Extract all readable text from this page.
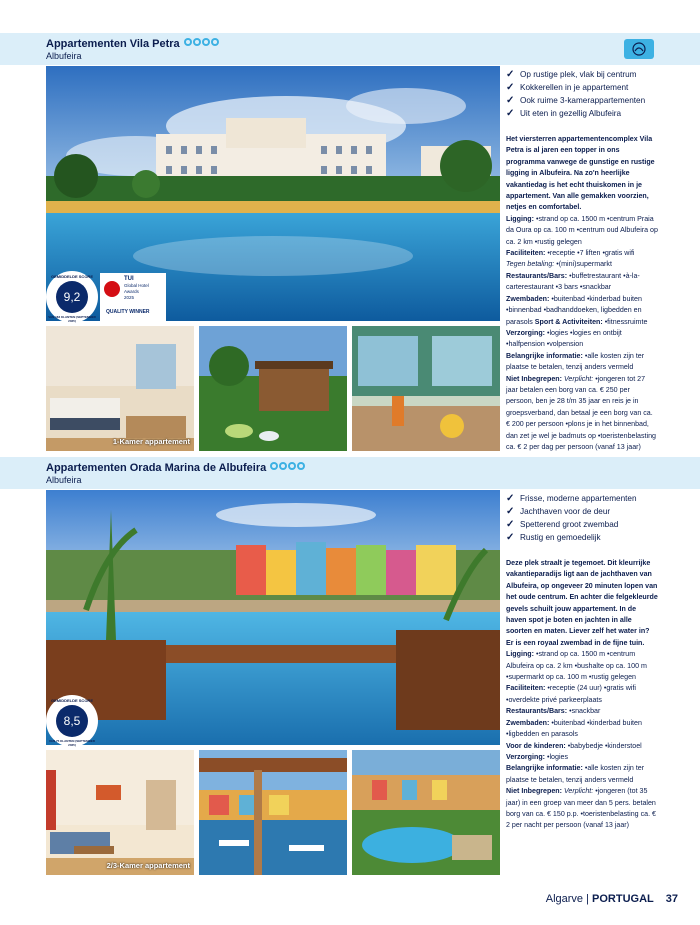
Appartementen Vila Petra
Albufeira
GEMIDDELDE SCORE
9,2
VAN 183 KLANTEN (SEPTEMBER 2025)
TUI
Global Hotel
Awards
2025
QUALITY WINNER
1-Kamer appartement
✓ Op rustige plek, vlak bij centrum
✓ Kokkerellen in je appartement
✓ Ook ruime 3-kamerappartementen
✓ Uit eten in gezellig Albufeira
Het viersterren appartementencomplex Vila Petra is al jaren een topper in ons programma vanwege de gunstige en rustige ligging in Albufeira. Na zo'n heerlijke vakantiedag is het echt thuiskomen in je appartement. Van alle gemakken voorzien, netjes en comfortabel.
Ligging: •strand op ca. 1500 m •centrum Praia da Oura op ca. 100 m •centrum oud Albufeira op ca. 2 km •rustig gelegen
Faciliteiten: •receptie •7 liften •gratis wifi
Tegen betaling: •(mini)supermarkt
Restaurants/Bars: •buffetrestaurant •à-la-carterestaurant •3 bars •snackbar
Zwembaden: •buitenbad •kinderbad buiten •binnenbad •badhanddoeken, ligbedden en parasols Sport & Activiteiten: •fitnessruimte
Verzorging: •logies •logies en ontbijt •halfpension •volpension
Belangrijke informatie: •alle kosten zijn ter plaatse te betalen, tenzij anders vermeld
Niet Inbegrepen: Verplicht: •jongeren tot 27 jaar betalen een borg van ca. € 250 per persoon, ben je 28 t/m 35 jaar en reis je in groepsverband, dan betaal je een borg van ca. € 200 per persoon •plons je in het binnenbad, dan zet je wel je badmuts op •toeristenbelasting ca. € 2 per dag per persoon (vanaf 13 jaar)
Appartementen Orada Marina de Albufeira
Albufeira
GEMIDDELDE SCORE
8,5
VAN 75 KLANTEN (SEPTEMBER 2025)
2/3-Kamer appartement
✓ Frisse, moderne appartementen
✓ Jachthaven voor de deur
✓ Spetterend groot zwembad
✓ Rustig en gemoedelijk
Deze plek straalt je tegemoet. Dit kleurrijke vakantieparadijs ligt aan de jachthaven van Albufeira, op ongeveer 20 minuten lopen van het oude centrum. En achter die felgekleurde gevels schuilt jouw appartement. In de haven spot je boten en jachten in alle soorten en maten. Liever zelf het water in? Er is een royaal zwembad in de fijne tuin.
Ligging: •strand op ca. 1500 m •centrum Albufeira op ca. 2 km •bushalte op ca. 100 m •supermarkt op ca. 100 m •rustig gelegen
Faciliteiten: •receptie (24 uur) •gratis wifi •overdekte privé parkeerplaats
Restaurants/Bars: •snackbar
Zwembaden: •buitenbad •kinderbad buiten •ligbedden en parasols
Voor de kinderen: •babybedje •kinderstoel
Verzorging: •logies
Belangrijke informatie: •alle kosten zijn ter plaatse te betalen, tenzij anders vermeld
Niet Inbegrepen: Verplicht: •jongeren (tot 35 jaar) in een groep van meer dan 5 pers. betalen borg van ca. € 150 p.p. •toeristenbelasting ca. € 2 per nacht per persoon (vanaf 13 jaar)
Algarve | PORTUGAL 37
